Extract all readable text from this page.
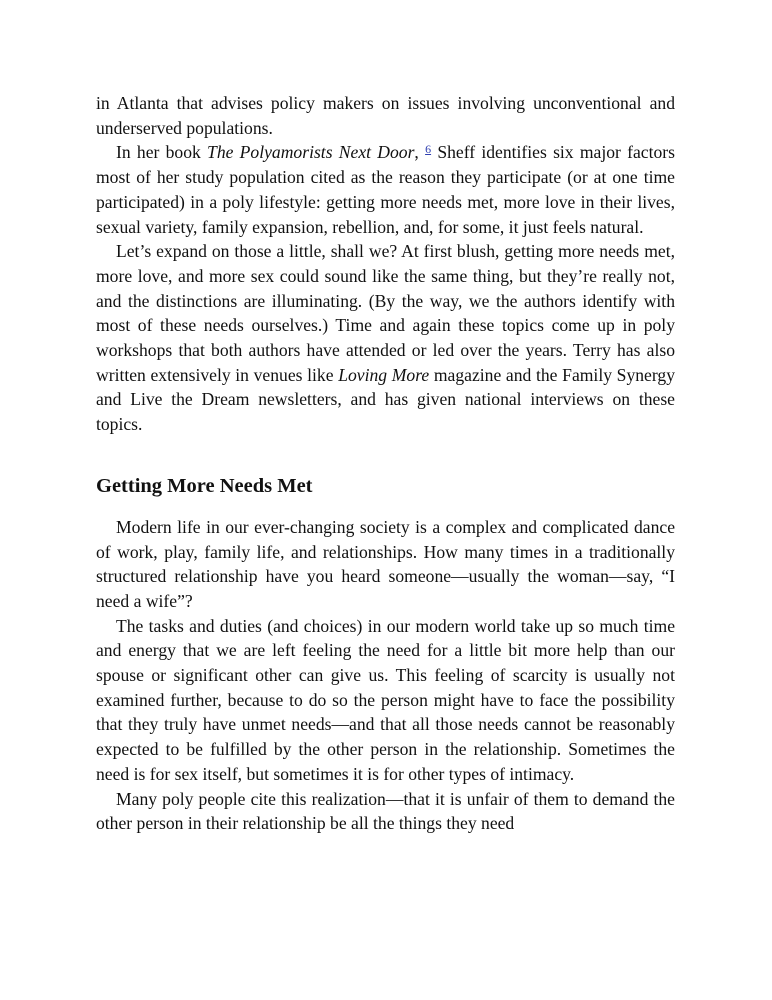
in Atlanta that advises policy makers on issues involving unconventional and underserved populations.

In her book The Polyamorists Next Door, $^6$ Sheff identifies six major factors most of her study population cited as the reason they participate (or at one time participated) in a poly lifestyle: getting more needs met, more love in their lives, sexual variety, family expansion, rebellion, and, for some, it just feels natural.

Let’s expand on those a little, shall we? At first blush, getting more needs met, more love, and more sex could sound like the same thing, but they’re really not, and the distinctions are illuminating. (By the way, we the authors identify with most of these needs ourselves.) Time and again these topics come up in poly workshops that both authors have attended or led over the years. Terry has also written extensively in venues like Loving More magazine and the Family Synergy and Live the Dream newsletters, and has given national interviews on these topics.

Getting More Needs Met

Modern life in our ever-changing society is a complex and complicated dance of work, play, family life, and relationships. How many times in a traditionally structured relationship have you heard someone—usually the woman—say, “I need a wife”?

The tasks and duties (and choices) in our modern world take up so much time and energy that we are left feeling the need for a little bit more help than our spouse or significant other can give us. This feeling of scarcity is usually not examined further, because to do so the person might have to face the possibility that they truly have unmet needs—and that all those needs cannot be reasonably expected to be fulfilled by the other person in the relationship. Sometimes the need is for sex itself, but sometimes it is for other types of intimacy.

Many poly people cite this realization—that it is unfair of them to demand the other person in their relationship be all the things they need
